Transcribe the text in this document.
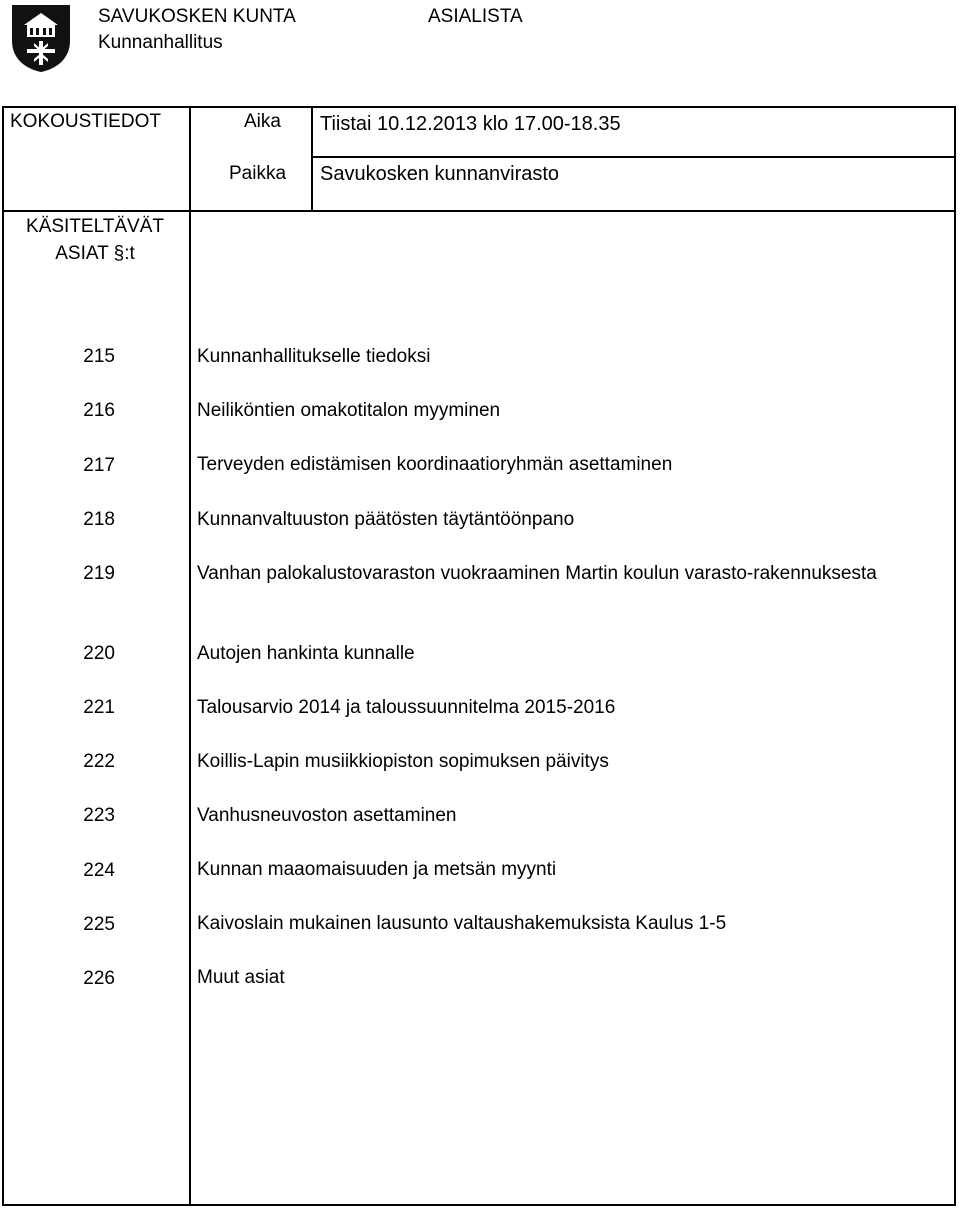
SAVUKOSKEN KUNTA
Kunnanhallitus
ASIALISTA
KOKOUSTIEDOT	Aika Tiistai 10.12.2013 klo 17.00-18.35
Paikka Savukosken kunnanvirasto
KÄSITELTÄVÄT ASIAT §:t
215	Kunnanhallitukselle tiedoksi
216	Neiliköntien omakotitalon myyminen
217	Terveyden edistämisen koordinaatioryhmän asettaminen
218	Kunnanvaltuuston päätösten täytäntöönpano
219	Vanhan palokalustovaraston vuokraaminen Martin koulun varasto-rakennuksesta
220	Autojen hankinta kunnalle
221	Talousarvio 2014 ja taloussuunnitelma 2015-2016
222	Koillis-Lapin musiikkiopiston sopimuksen päivitys
223	Vanhusneuvoston asettaminen
224	Kunnan maaomaisuuden ja metsän myynti
225	Kaivoslain mukainen lausunto valtaushakemuksista Kaulus 1-5
226	Muut asiat
